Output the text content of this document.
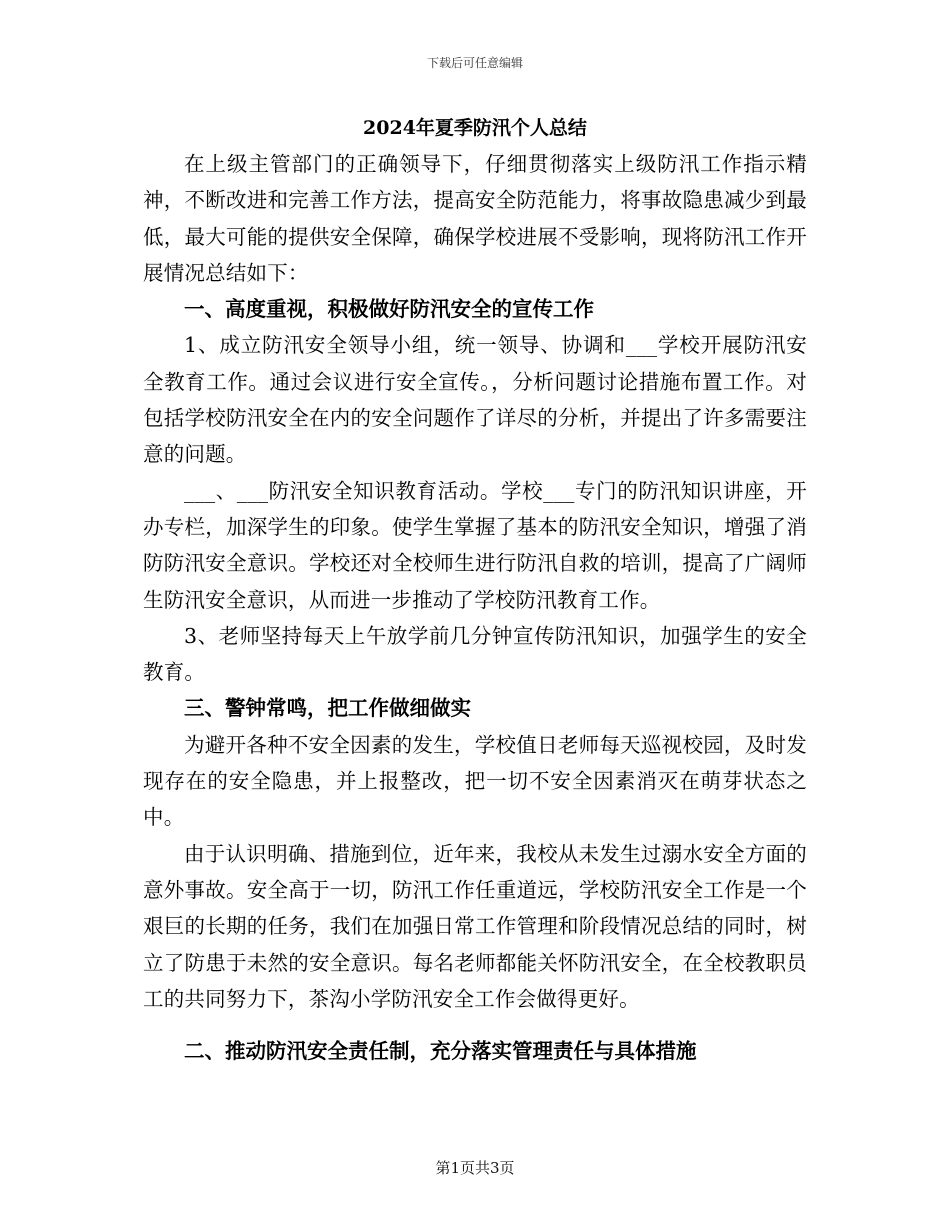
下载后可任意编辑
2024年夏季防汛个人总结

在上级主管部门的正确领导下，仔细贯彻落实上级防汛工作指示精神，不断改进和完善工作方法，提高安全防范能力，将事故隐患减少到最低，最大可能的提供安全保障，确保学校进展不受影响，现将防汛工作开展情况总结如下：

一、高度重视，积极做好防汛安全的宣传工作

1、成立防汛安全领导小组，统一领导、协调和___学校开展防汛安全教育工作。通过会议进行安全宣传。，分析问题讨论措施布置工作。对包括学校防汛安全在内的安全问题作了详尽的分析，并提出了许多需要注意的问题。

___、___防汛安全知识教育活动。学校___专门的防汛知识讲座，开办专栏，加深学生的印象。使学生掌握了基本的防汛安全知识，增强了消防防汛安全意识。学校还对全校师生进行防汛自救的培训，提高了广阔师生防汛安全意识，从而进一步推动了学校防汛教育工作。

3、老师坚持每天上午放学前几分钟宣传防汛知识，加强学生的安全教育。

三、警钟常鸣，把工作做细做实

为避开各种不安全因素的发生，学校值日老师每天巡视校园，及时发现存在的安全隐患，并上报整改，把一切不安全因素消灭在萌芽状态之中。

由于认识明确、措施到位，近年来，我校从未发生过溺水安全方面的意外事故。安全高于一切，防汛工作任重道远，学校防汛安全工作是一个艰巨的长期的任务，我们在加强日常工作管理和阶段情况总结的同时，树立了防患于未然的安全意识。每名老师都能关怀防汛安全，在全校教职员工的共同努力下，茶沟小学防汛安全工作会做得更好。

二、推动防汛安全责任制，充分落实管理责任与具体措施

第1页共3页
